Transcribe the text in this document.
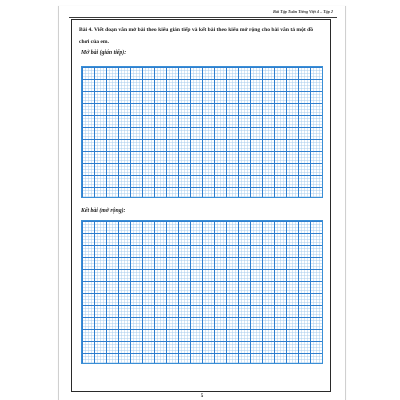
Bài Tập Tuần Tiếng Việt 4 – Tập 2
Bài 4. Viết đoạn văn mở bài theo kiểu gián tiếp và kết bài theo kiểu mở rộng cho bài văn tả một đồ chơi của em.
Mở bài (gián tiếp):
Kết bài (mở rộng):
5
